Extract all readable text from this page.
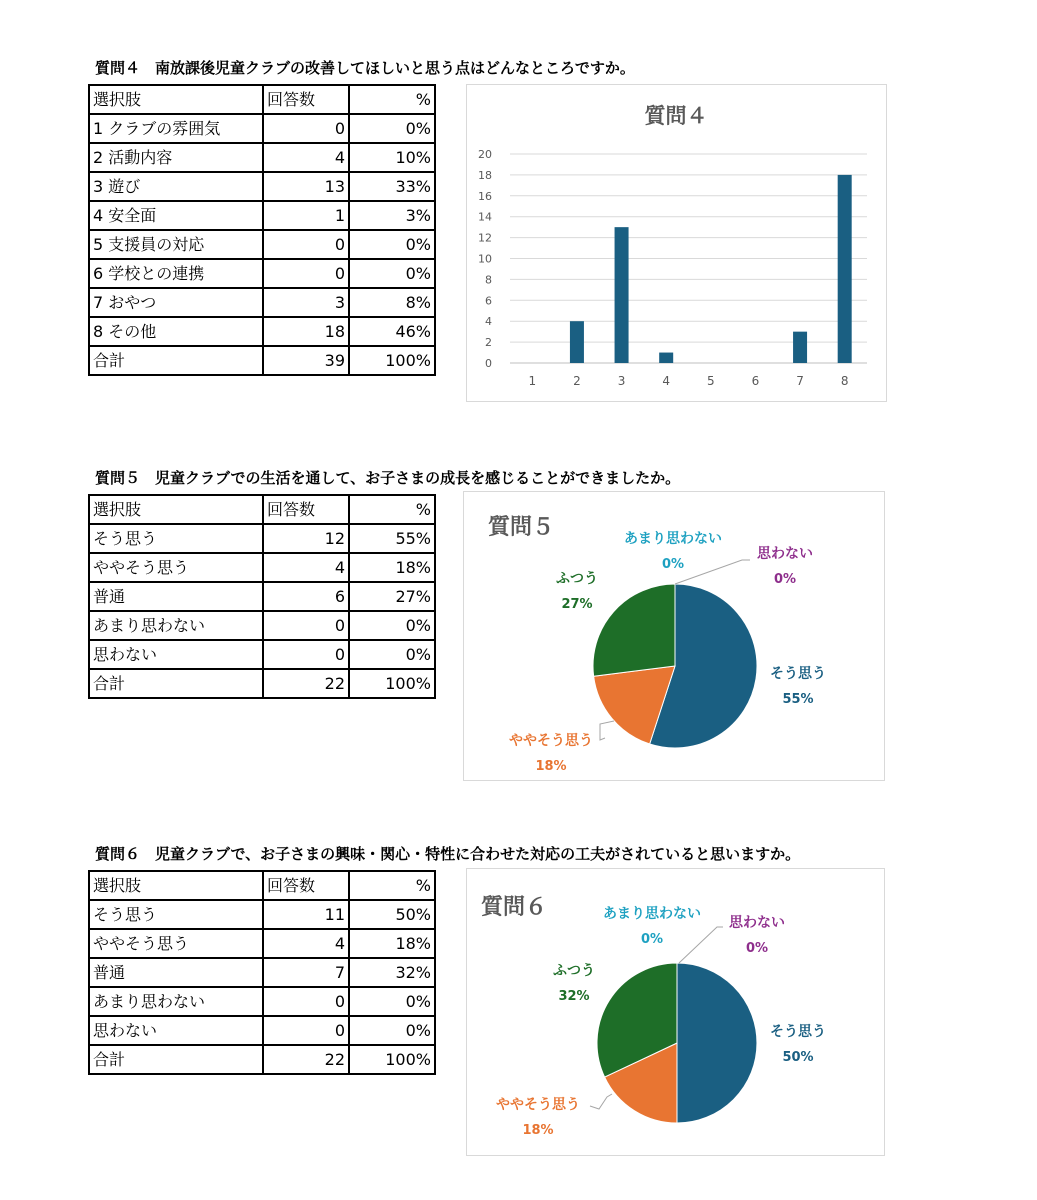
質問４　南放課後児童クラブの改善してほしいと思う点はどんなところですか。
選択肢	回答数	%
1 クラブの雰囲気	0	0%
2 活動内容	4	10%
3 遊び	13	33%
4 安全面	1	3%
5 支援員の対応	0	0%
6 学校との連携	0	0%
7 おやつ	3	8%
8 その他	18	46%
合計	39	100%
質問４
0
2
4
6
8
10
12
14
16
18
20
1	2	3	4	5	6	7	8
質問５　児童クラブでの生活を通して、お子さまの成長を感じることができましたか。
選択肢	回答数	%
そう思う	12	55%
ややそう思う	4	18%
普通	6	27%
あまり思わない	0	0%
思わない	0	0%
合計	22	100%
質問５
そう思う
55%
ややそう思う
18%
ふつう
27%
あまり思わない
0%
思わない
0%
質問６　児童クラブで、お子さまの興味・関心・特性に合わせた対応の工夫がされていると思いますか。
選択肢	回答数	%
そう思う	11	50%
ややそう思う	4	18%
普通	7	32%
あまり思わない	0	0%
思わない	0	0%
合計	22	100%
質問６
そう思う
50%
ややそう思う
18%
ふつう
32%
あまり思わない
0%
思わない
0%
